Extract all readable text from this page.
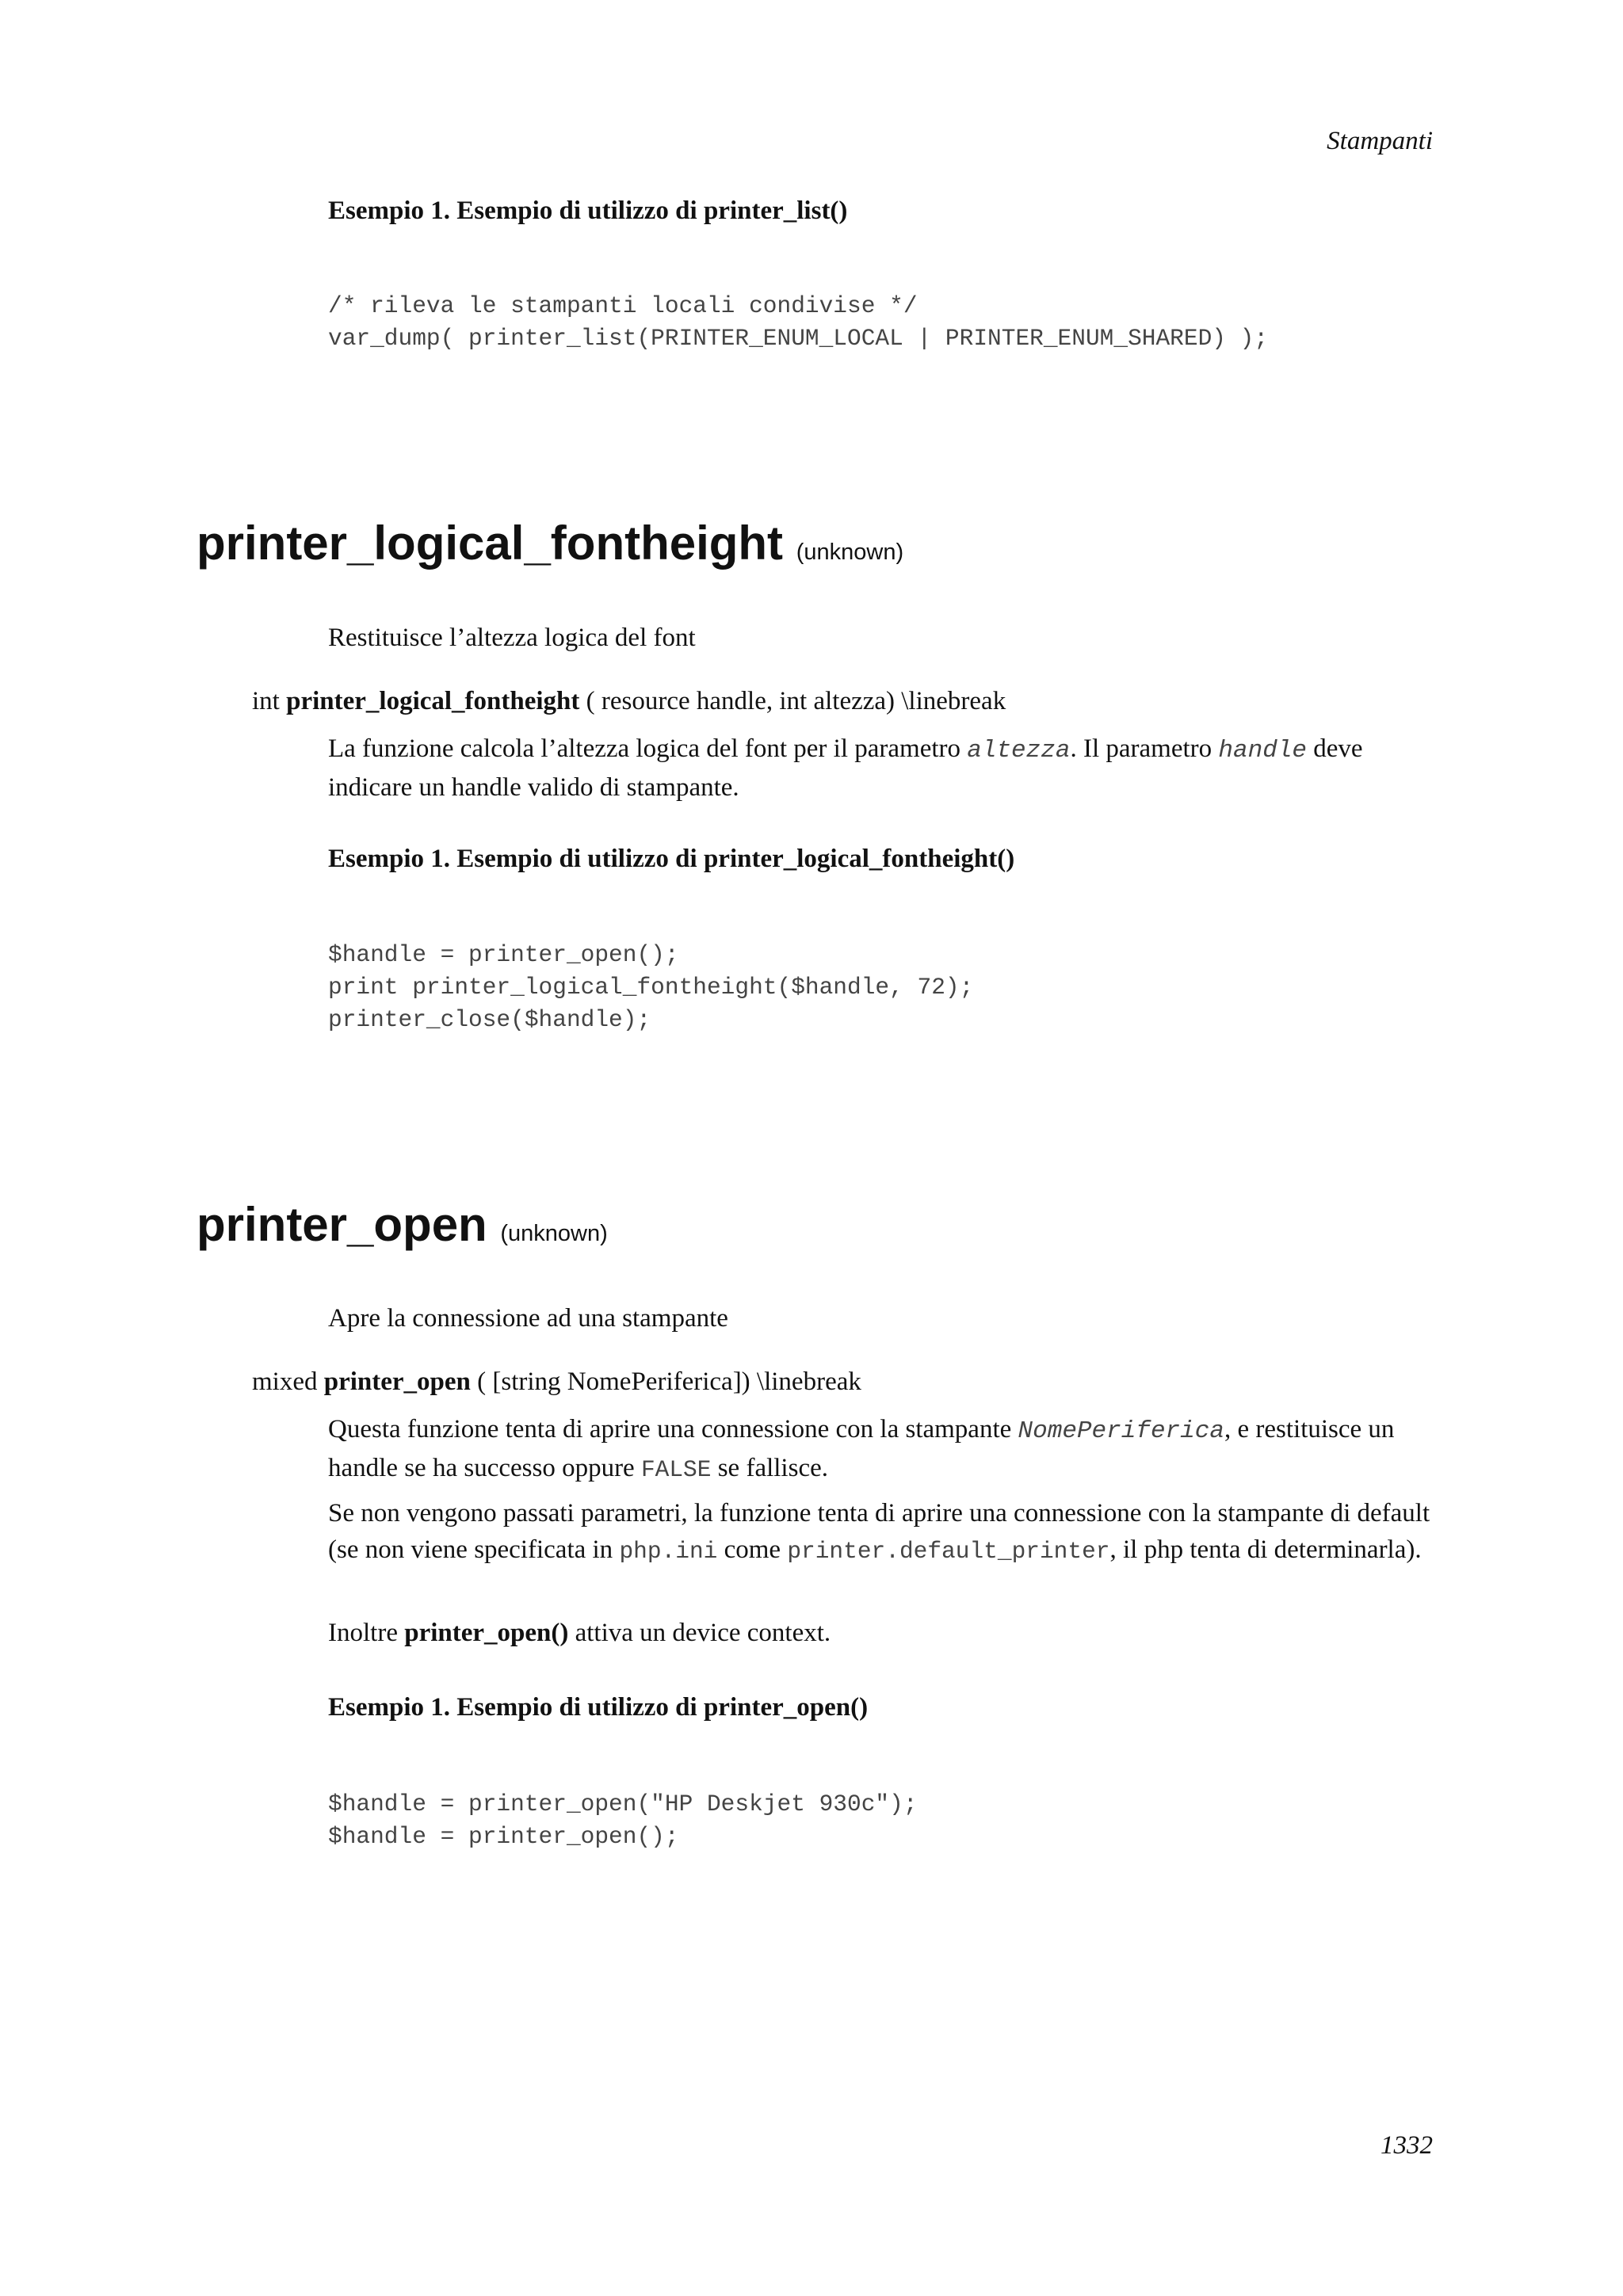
Stampanti

Esempio 1. Esempio di utilizzo di printer_list()

/* rileva le stampanti locali condivise */
var_dump( printer_list(PRINTER_ENUM_LOCAL | PRINTER_ENUM_SHARED) );
printer_logical_fontheight (unknown)

Restituisce l’altezza logica del font

int printer_logical_fontheight ( resource handle, int altezza) \linebreak

La funzione calcola l’altezza logica del font per il parametro altezza. Il parametro handle deve indicare un handle valido di stampante.

Esempio 1. Esempio di utilizzo di printer_logical_fontheight()

$handle = printer_open();
print printer_logical_fontheight($handle, 72);
printer_close($handle);
printer_open (unknown)

Apre la connessione ad una stampante

mixed printer_open ( [string NomePeriferica]) \linebreak

Questa funzione tenta di aprire una connessione con la stampante NomePeriferica, e restituisce un handle se ha successo oppure FALSE se fallisce.

Se non vengono passati parametri, la funzione tenta di aprire una connessione con la stampante di default (se non viene specificata in php.ini come printer.default_printer, il php tenta di determinarla).

Inoltre printer_open() attiva un device context.

Esempio 1. Esempio di utilizzo di printer_open()

$handle = printer_open("HP Deskjet 930c");
$handle = printer_open();

1332
